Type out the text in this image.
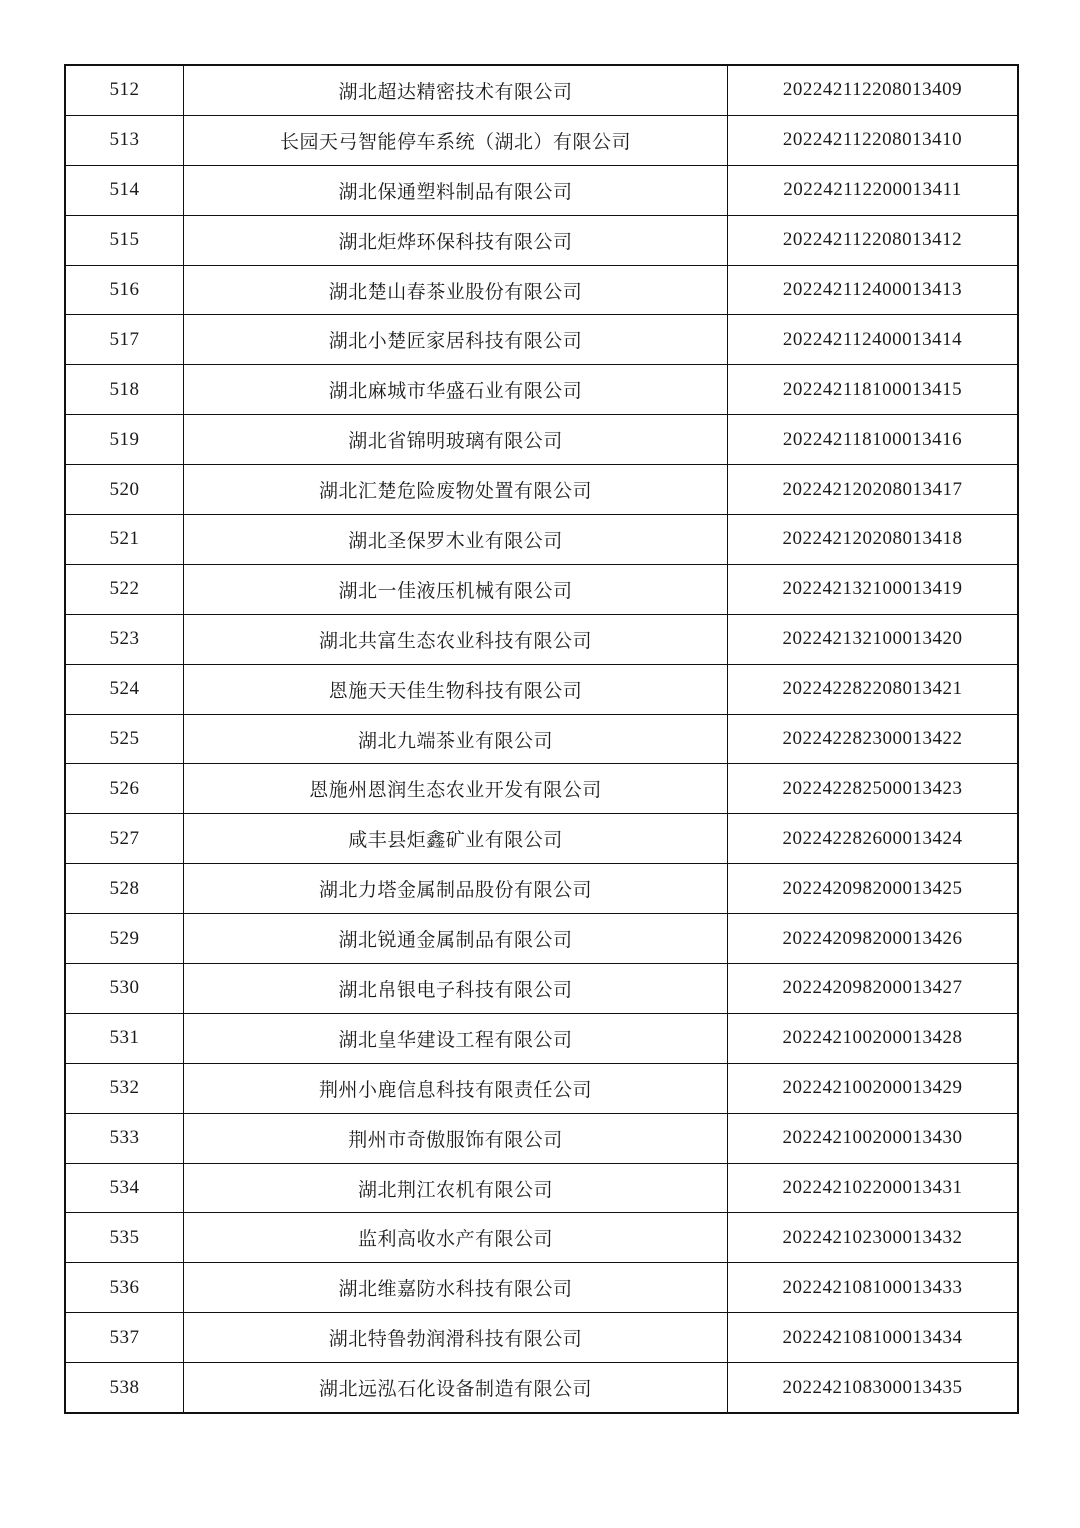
512	湖北超达精密技术有限公司	202242112208013409
513	长园天弓智能停车系统（湖北）有限公司	202242112208013410
514	湖北保通塑料制品有限公司	202242112200013411
515	湖北炬烨环保科技有限公司	202242112208013412
516	湖北楚山春茶业股份有限公司	202242112400013413
517	湖北小楚匠家居科技有限公司	202242112400013414
518	湖北麻城市华盛石业有限公司	202242118100013415
519	湖北省锦明玻璃有限公司	202242118100013416
520	湖北汇楚危险废物处置有限公司	202242120208013417
521	湖北圣保罗木业有限公司	202242120208013418
522	湖北一佳液压机械有限公司	202242132100013419
523	湖北共富生态农业科技有限公司	202242132100013420
524	恩施天天佳生物科技有限公司	202242282208013421
525	湖北九端茶业有限公司	202242282300013422
526	恩施州恩润生态农业开发有限公司	202242282500013423
527	咸丰县炬鑫矿业有限公司	202242282600013424
528	湖北力塔金属制品股份有限公司	202242098200013425
529	湖北锐通金属制品有限公司	202242098200013426
530	湖北帛银电子科技有限公司	202242098200013427
531	湖北皇华建设工程有限公司	202242100200013428
532	荆州小鹿信息科技有限责任公司	202242100200013429
533	荆州市奇傲服饰有限公司	202242100200013430
534	湖北荆江农机有限公司	202242102200013431
535	监利高收水产有限公司	202242102300013432
536	湖北维嘉防水科技有限公司	202242108100013433
537	湖北特鲁勃润滑科技有限公司	202242108100013434
538	湖北远泓石化设备制造有限公司	202242108300013435
